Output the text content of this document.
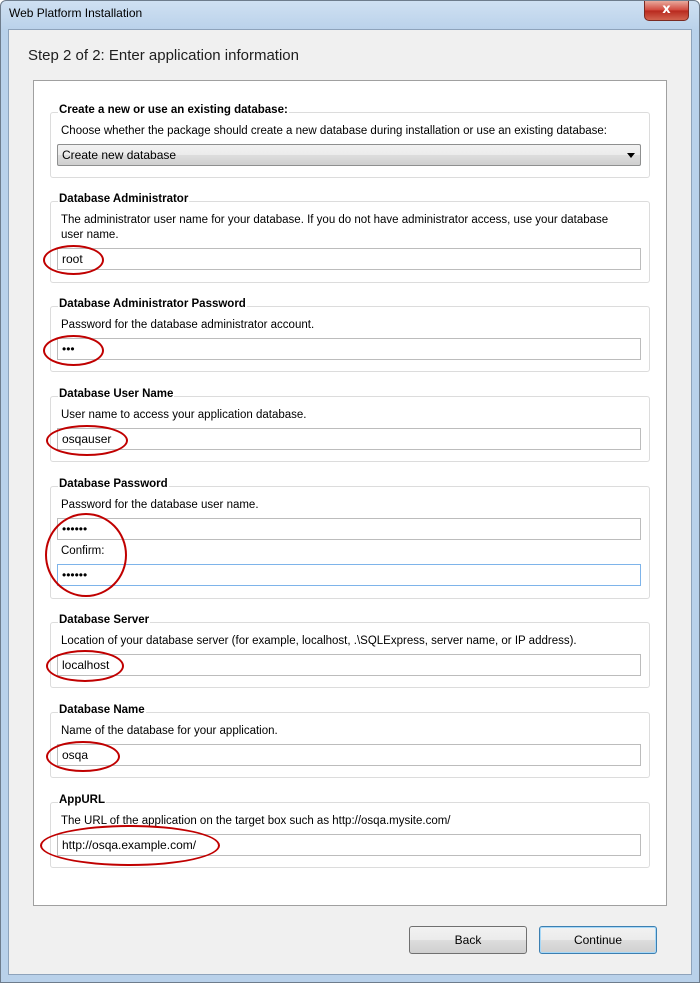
Web Platform Installation	x
Step 2 of 2: Enter application information
Create a new or use an existing database:
Choose whether the package should create a new database during installation or use an existing database:
Create new database
Database Administrator
The administrator user name for your database. If you do not have administrator access, use your database user name.
root
Database Administrator Password
Password for the database administrator account.
•••
Database User Name
User name to access your application database.
osqauser
Database Password
Password for the database user name.
••••••
Confirm:
••••••
Database Server
Location of your database server (for example, localhost, .\SQLExpress, server name, or IP address).
localhost
Database Name
Name of the database for your application.
osqa
AppURL
The URL of the application on the target box such as http://osqa.mysite.com/
http://osqa.example.com/
Back	Continue
